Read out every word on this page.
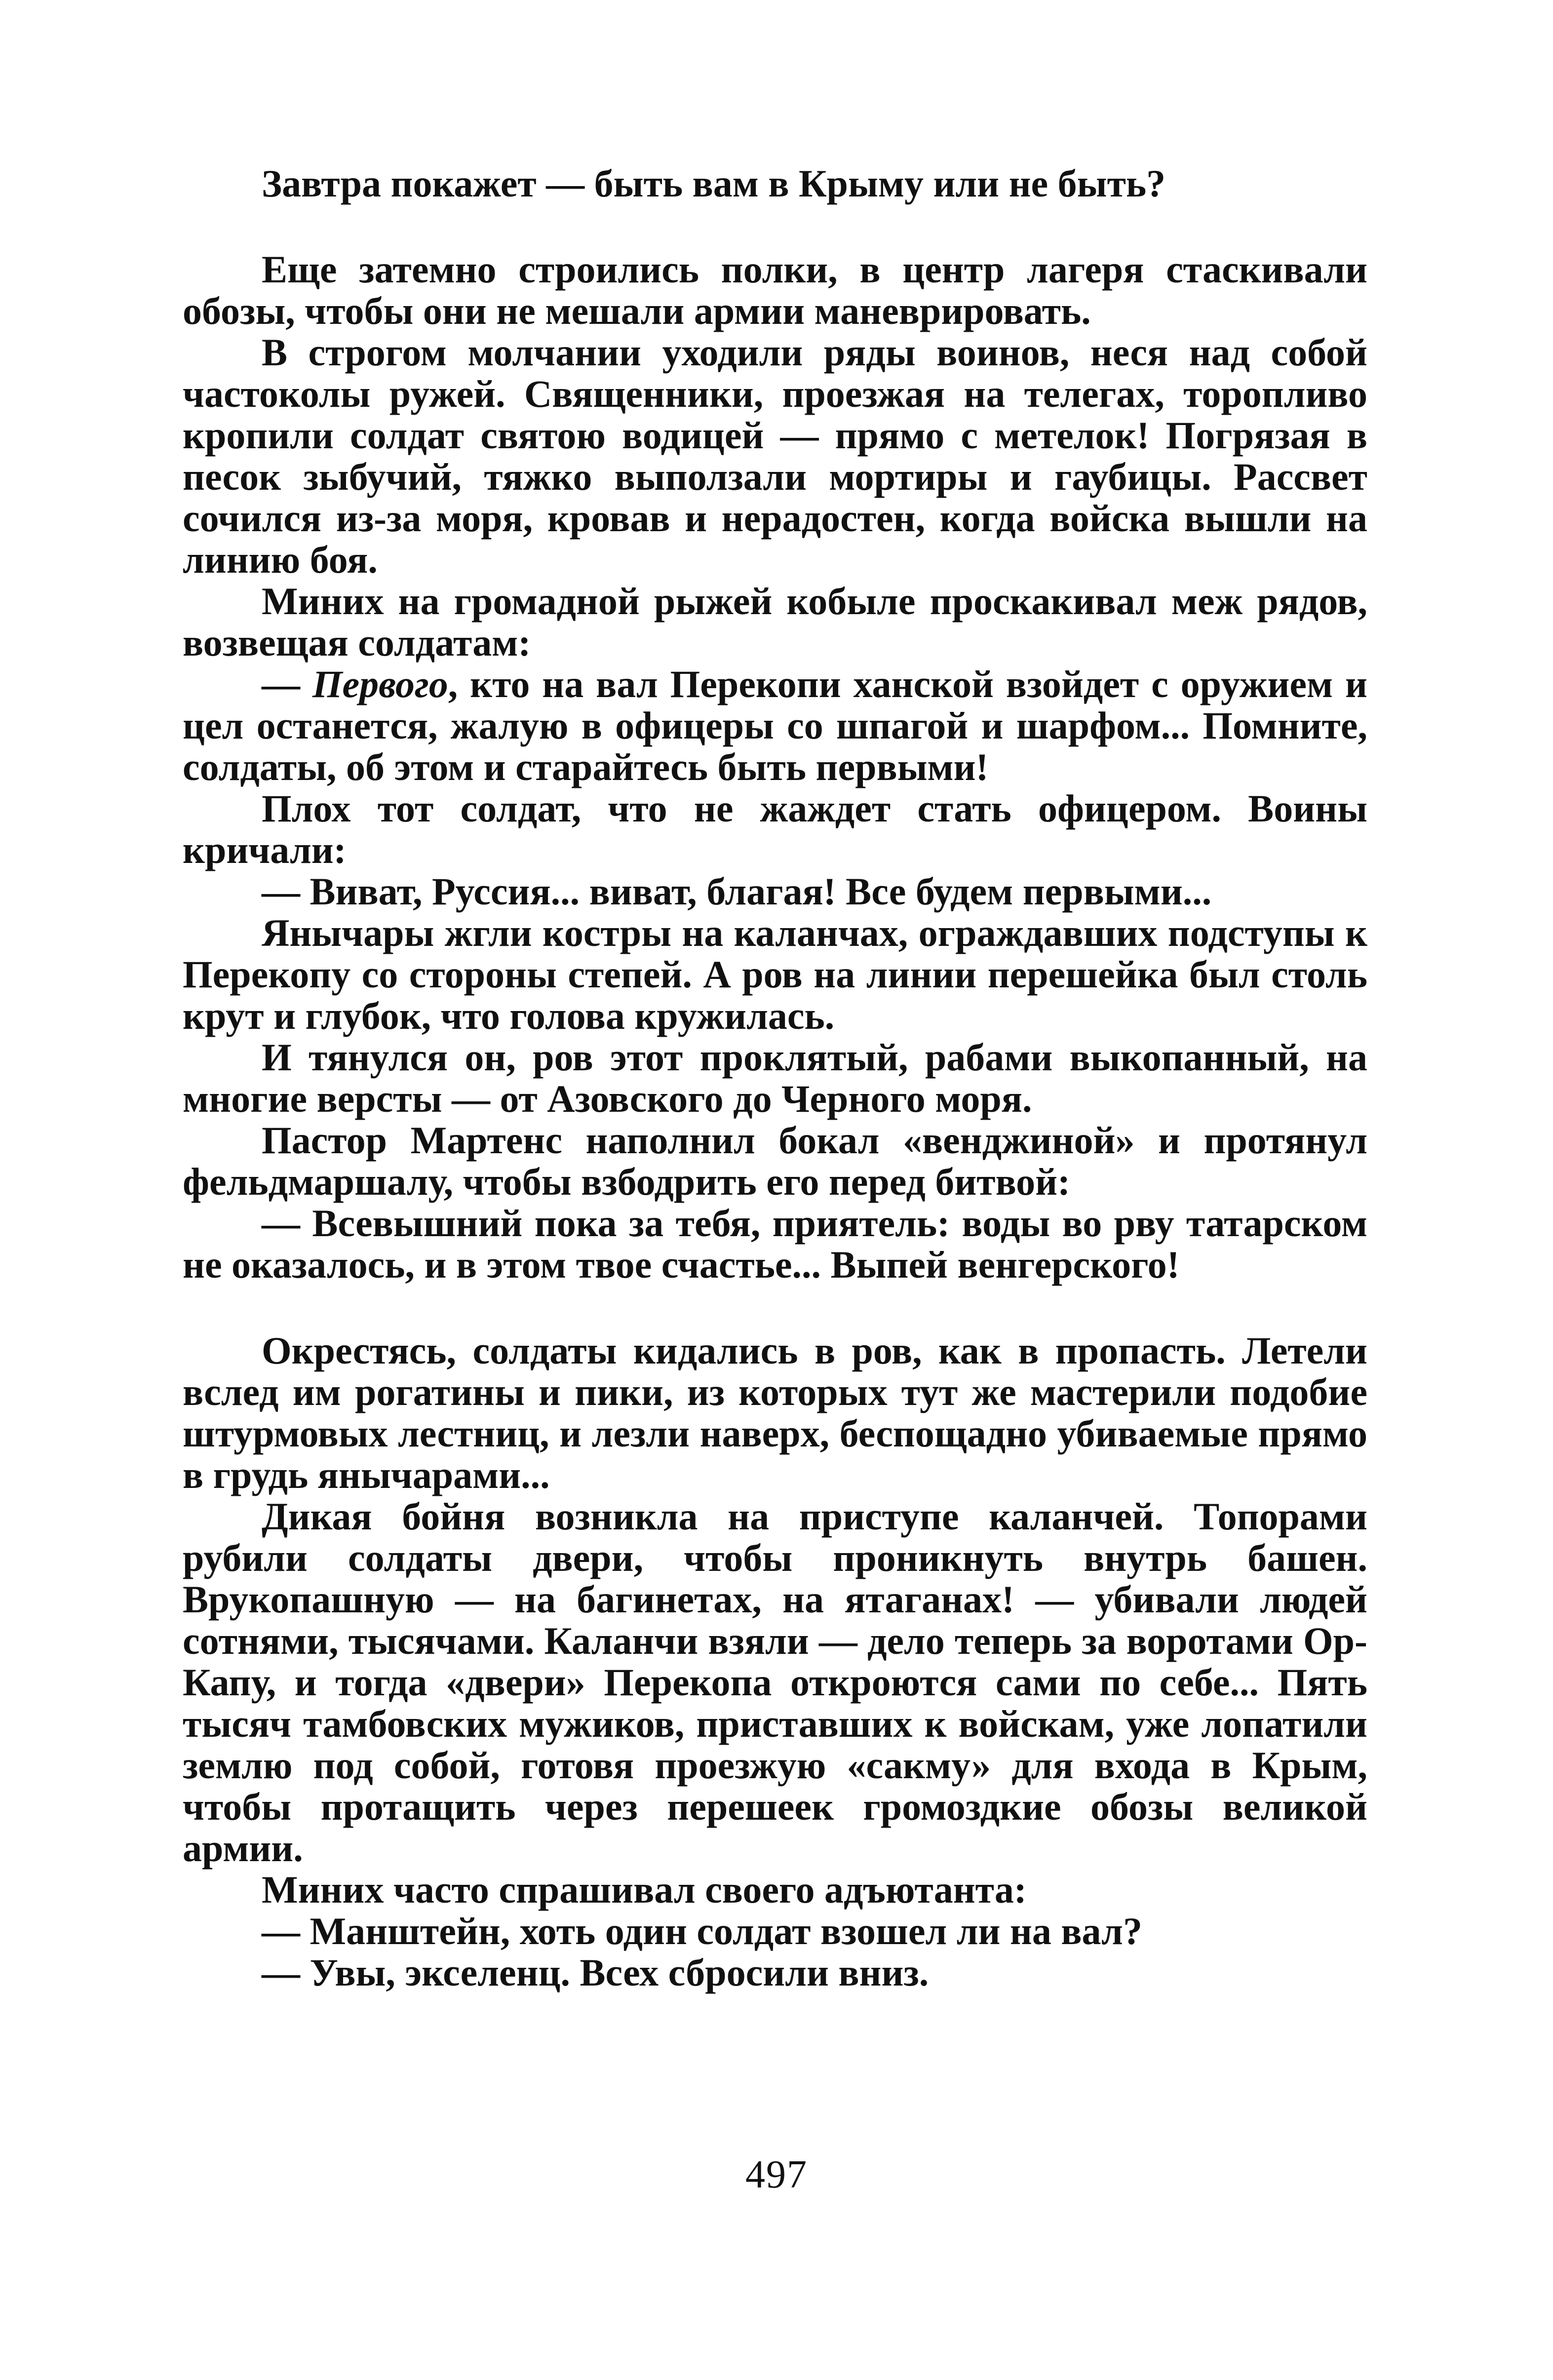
Завтра покажет — быть вам в Крыму или не быть?

Еще затемно строились полки, в центр лагеря стаскивали обозы, чтобы они не мешали армии маневрировать.

В строгом молчании уходили ряды воинов, неся над собой частоколы ружей. Священники, проезжая на телегах, торопливо кропили солдат святою водицей — прямо с метелок! Погрязая в песок зыбучий, тяжко выползали мортиры и гаубицы. Рассвет сочился из-за моря, кровав и нерадостен, когда войска вышли на линию боя.

Миних на громадной рыжей кобыле проскакивал меж рядов, возвещая солдатам:

— Первого, кто на вал Перекопи ханской взойдет с оружием и цел останется, жалую в офицеры со шпагой и шарфом... Помните, солдаты, об этом и старайтесь быть первыми!

Плох тот солдат, что не жаждет стать офицером. Воины кричали:

— Виват, Руссия... виват, благая! Все будем первыми...

Янычары жгли костры на каланчах, ограждавших подступы к Перекопу со стороны степей. А ров на линии перешейка был столь крут и глубок, что голова кружилась.

И тянулся он, ров этот проклятый, рабами выкопанный, на многие версты — от Азовского до Черного моря.

Пастор Мартенс наполнил бокал «венджиной» и протянул фельдмаршалу, чтобы взбодрить его перед битвой:

— Всевышний пока за тебя, приятель: воды во рву татарском не оказалось, и в этом твое счастье... Выпей венгерского!

Окрестясь, солдаты кидались в ров, как в пропасть. Летели вслед им рогатины и пики, из которых тут же мастерили подобие штурмовых лестниц, и лезли наверх, беспощадно убиваемые прямо в грудь янычарами...

Дикая бойня возникла на приступе каланчей. Топорами рубили солдаты двери, чтобы проникнуть внутрь башен. Врукопашную — на багинетах, на ятаганах! — убивали людей сотнями, тысячами. Каланчи взяли — дело теперь за воротами Ор-Капу, и тогда «двери» Перекопа откроются сами по себе... Пять тысяч тамбовских мужиков, приставших к войскам, уже лопатили землю под собой, готовя проезжую «сакму» для входа в Крым, чтобы протащить через перешеек громоздкие обозы великой армии.

Миних часто спрашивал своего адъютанта:

— Манштейн, хоть один солдат взошел ли на вал?

— Увы, экселенц. Всех сбросили вниз.

497
